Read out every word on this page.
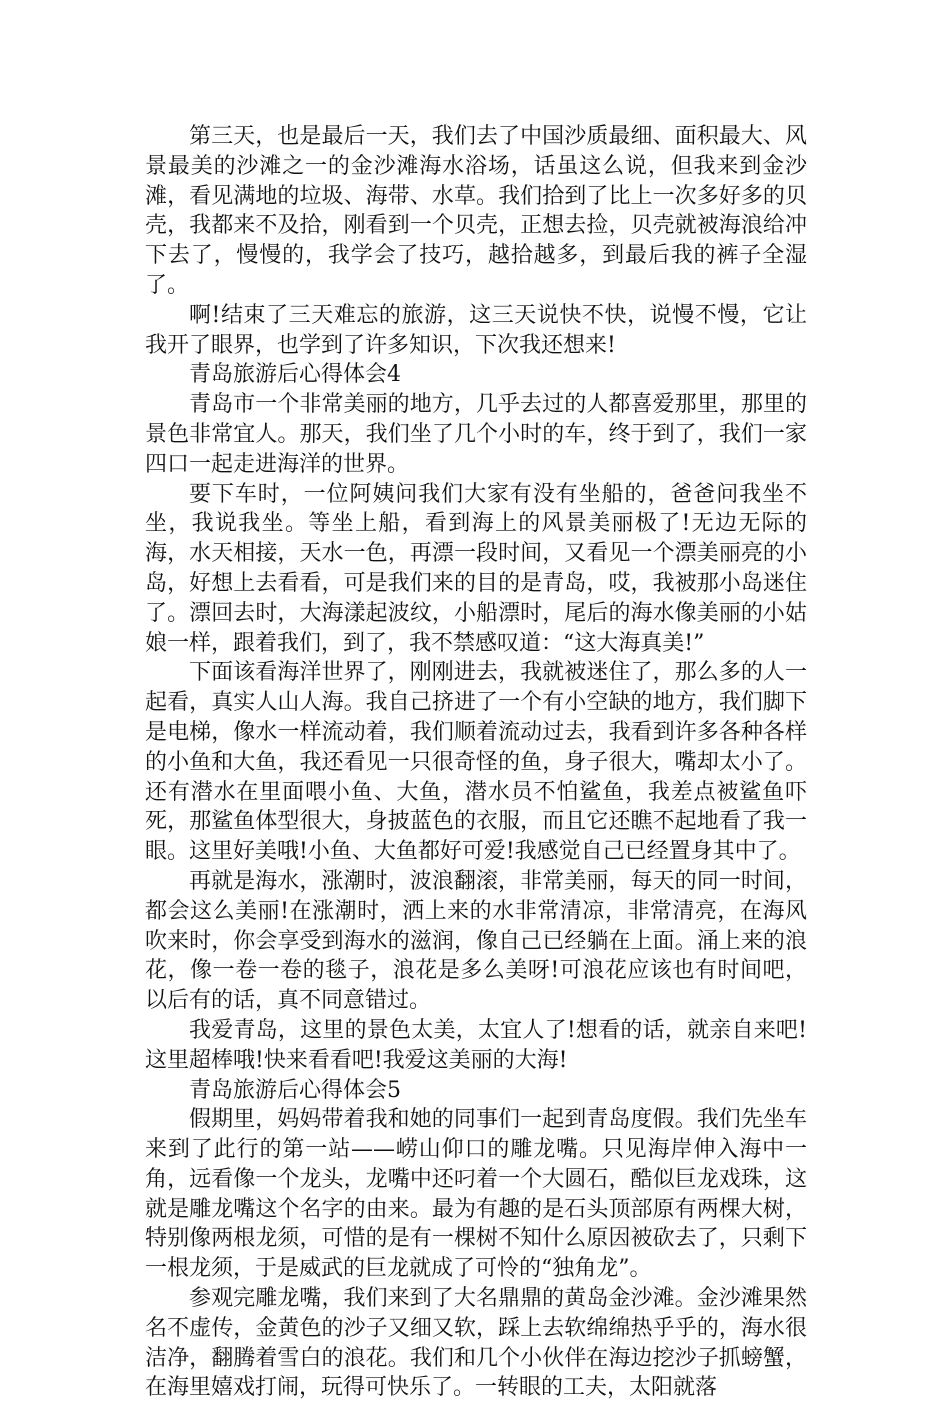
第三天，也是最后一天，我们去了中国沙质最细、面积最大、风景最美的沙滩之一的金沙滩海水浴场，话虽这么说，但我来到金沙滩，看见满地的垃圾、海带、水草。我们拾到了比上一次多好多的贝壳，我都来不及拾，刚看到一个贝壳，正想去捡，贝壳就被海浪给冲下去了，慢慢的，我学会了技巧，越拾越多，到最后我的裤子全湿了。

啊!结束了三天难忘的旅游，这三天说快不快，说慢不慢，它让我开了眼界，也学到了许多知识，下次我还想来!

青岛旅游后心得体会4

青岛市一个非常美丽的地方，几乎去过的人都喜爱那里，那里的景色非常宜人。那天，我们坐了几个小时的车，终于到了，我们一家四口一起走进海洋的世界。

要下车时，一位阿姨问我们大家有没有坐船的，爸爸问我坐不坐，我说我坐。等坐上船，看到海上的风景美丽极了!无边无际的海，水天相接，天水一色，再漂一段时间，又看见一个漂美丽亮的小岛，好想上去看看，可是我们来的目的是青岛，哎，我被那小岛迷住了。漂回去时，大海漾起波纹，小船漂时，尾后的海水像美丽的小姑娘一样，跟着我们，到了，我不禁感叹道：“这大海真美!”

下面该看海洋世界了，刚刚进去，我就被迷住了，那么多的人一起看，真实人山人海。我自己挤进了一个有小空缺的地方，我们脚下是电梯，像水一样流动着，我们顺着流动过去，我看到许多各种各样的小鱼和大鱼，我还看见一只很奇怪的鱼，身子很大，嘴却太小了。还有潜水在里面喂小鱼、大鱼，潜水员不怕鲨鱼，我差点被鲨鱼吓死，那鲨鱼体型很大，身披蓝色的衣服，而且它还瞧不起地看了我一眼。这里好美哦!小鱼、大鱼都好可爱!我感觉自己已经置身其中了。

再就是海水，涨潮时，波浪翻滚，非常美丽，每天的同一时间，都会这么美丽!在涨潮时，洒上来的水非常清凉，非常清亮，在海风吹来时，你会享受到海水的滋润，像自己已经躺在上面。涌上来的浪花，像一卷一卷的毯子，浪花是多么美呀!可浪花应该也有时间吧，以后有的话，真不同意错过。

我爱青岛，这里的景色太美，太宜人了!想看的话，就亲自来吧!这里超棒哦!快来看看吧!我爱这美丽的大海!

青岛旅游后心得体会5

假期里，妈妈带着我和她的同事们一起到青岛度假。我们先坐车来到了此行的第一站——崂山仰口的雕龙嘴。只见海岸伸入海中一角，远看像一个龙头，龙嘴中还叼着一个大圆石，酷似巨龙戏珠，这就是雕龙嘴这个名字的由来。最为有趣的是石头顶部原有两棵大树，特别像两根龙须，可惜的是有一棵树不知什么原因被砍去了，只剩下一根龙须，于是威武的巨龙就成了可怜的“独角龙”。

参观完雕龙嘴，我们来到了大名鼎鼎的黄岛金沙滩。金沙滩果然名不虚传，金黄色的沙子又细又软，踩上去软绵绵热乎乎的，海水很洁净，翻腾着雪白的浪花。我们和几个小伙伴在海边挖沙子抓螃蟹，在海里嬉戏打闹，玩得可快乐了。一转眼的工夫，太阳就落
